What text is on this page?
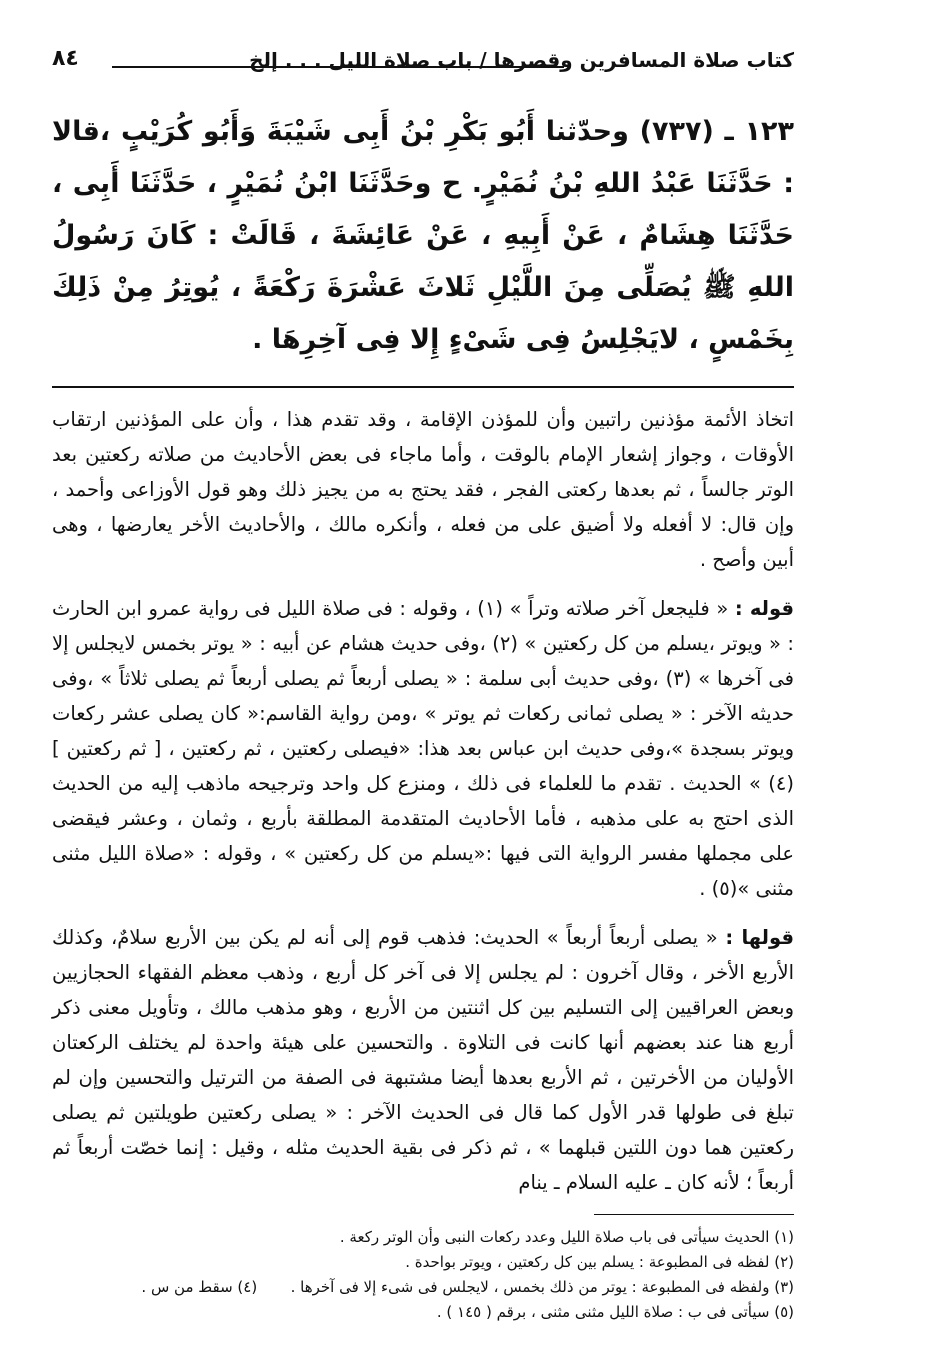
كتاب صلاة المسافرين وقصرها / باب صلاة الليل . . . إلخ
٨٤
١٢٣ ـ (٧٣٧) وحدّثنا أَبُو بَكْرِ بْنُ أَبِى شَيْبَةَ وَأَبُو كُرَيْبٍ ،قالا : حَدَّثَنَا عَبْدُ اللهِ بْنُ نُمَيْرٍ. ح وحَدَّثَنَا ابْنُ نُمَيْرٍ ، حَدَّثَنَا أَبِى ، حَدَّثَنَا هِشَامٌ ، عَنْ أَبِيهِ ، عَنْ عَائِشَةَ ، قَالَتْ : كَانَ رَسُولُ اللهِ ﷺ يُصَلِّى مِنَ اللَّيْلِ ثَلاثَ عَشْرَةَ رَكْعَةً ، يُوتِرُ مِنْ ذَلِكَ بِخَمْسٍ ، لايَجْلِسُ فِى شَىْءٍ إِلا فِى آخِرِهَا .

اتخاذ الأئمة مؤذنين راتبين وأن للمؤذن الإقامة ، وقد تقدم هذا ، وأن على المؤذنين ارتقاب الأوقات ، وجواز إشعار الإمام بالوقت ، وأما ماجاء فى بعض الأحاديث من صلاته ركعتين بعد الوتر جالساً ، ثم بعدها ركعتى الفجر ، فقد يحتج به من يجيز ذلك وهو قول الأوزاعى وأحمد ، وإن قال: لا أفعله ولا أضيق على من فعله ، وأنكره مالك ، والأحاديث الأخر يعارضها ، وهى أبين وأصح .

قوله : « فليجعل آخر صلاته وتراً » (١) ، وقوله : فى صلاة الليل فى رواية عمرو ابن الحارث : « ويوتر ،يسلم من كل ركعتين » (٢) ،وفى حديث هشام عن أبيه : « يوتر بخمس لايجلس إلا فى آخرها » (٣) ،وفى حديث أبى سلمة : « يصلى أربعاً ثم يصلى أربعاً ثم يصلى ثلاثاً » ،وفى حديثه الآخر : « يصلى ثمانى ركعات ثم يوتر » ،ومن رواية القاسم:« كان يصلى عشر ركعات ويوتر بسجدة »،وفى حديث ابن عباس بعد هذا: «فيصلى ركعتين ، ثم ركعتين ، [ ثم ركعتين ] (٤) » الحديث . تقدم ما للعلماء فى ذلك ، ومنزع كل واحد وترجيحه ماذهب إليه من الحديث الذى احتج به على مذهبه ، فأما الأحاديث المتقدمة المطلقة بأربع ، وثمان ، وعشر فيقضى على مجملها مفسر الرواية التى فيها :«يسلم من كل ركعتين » ، وقوله : «صلاة الليل مثنى مثنى »(٥) .

قولها : « يصلى أربعاً أربعاً » الحديث: فذهب قوم إلى أنه لم يكن بين الأربع سلامٌ، وكذلك الأربع الأخر ، وقال آخرون : لم يجلس إلا فى آخر كل أربع ، وذهب معظم الفقهاء الحجازيين وبعض العراقيين إلى التسليم بين كل اثنتين من الأربع ، وهو مذهب مالك ، وتأويل معنى ذكر أربع هنا عند بعضهم أنها كانت فى التلاوة . والتحسين على هيئة واحدة لم يختلف الركعتان الأوليان من الأخرتين ، ثم الأربع بعدها أيضا مشتبهة فى الصفة من الترتيل والتحسين وإن لم تبلغ فى طولها قدر الأول كما قال فى الحديث الآخر : « يصلى ركعتين طويلتين ثم يصلى ركعتين هما دون اللتين قبلهما » ، ثم ذكر فى بقية الحديث مثله ، وقيل : إنما خصّت أربعاً ثم أربعاً ؛ لأنه كان ـ عليه السلام ـ ينام

(١) الحديث سيأتى فى باب صلاة الليل وعدد ركعات النبى وأن الوتر ركعة .

(٢) لفظه فى المطبوعة : يسلم بين كل ركعتين ، ويوتر بواحدة .

(٣) ولفظه فى المطبوعة : يوتر من ذلك بخمس ، لايجلس فى شىء إلا فى آخرها .       (٤) سقط من س .

(٥) سيأتى فى ب : صلاة الليل مثنى مثنى ، برقم ( ١٤٥ ) .
